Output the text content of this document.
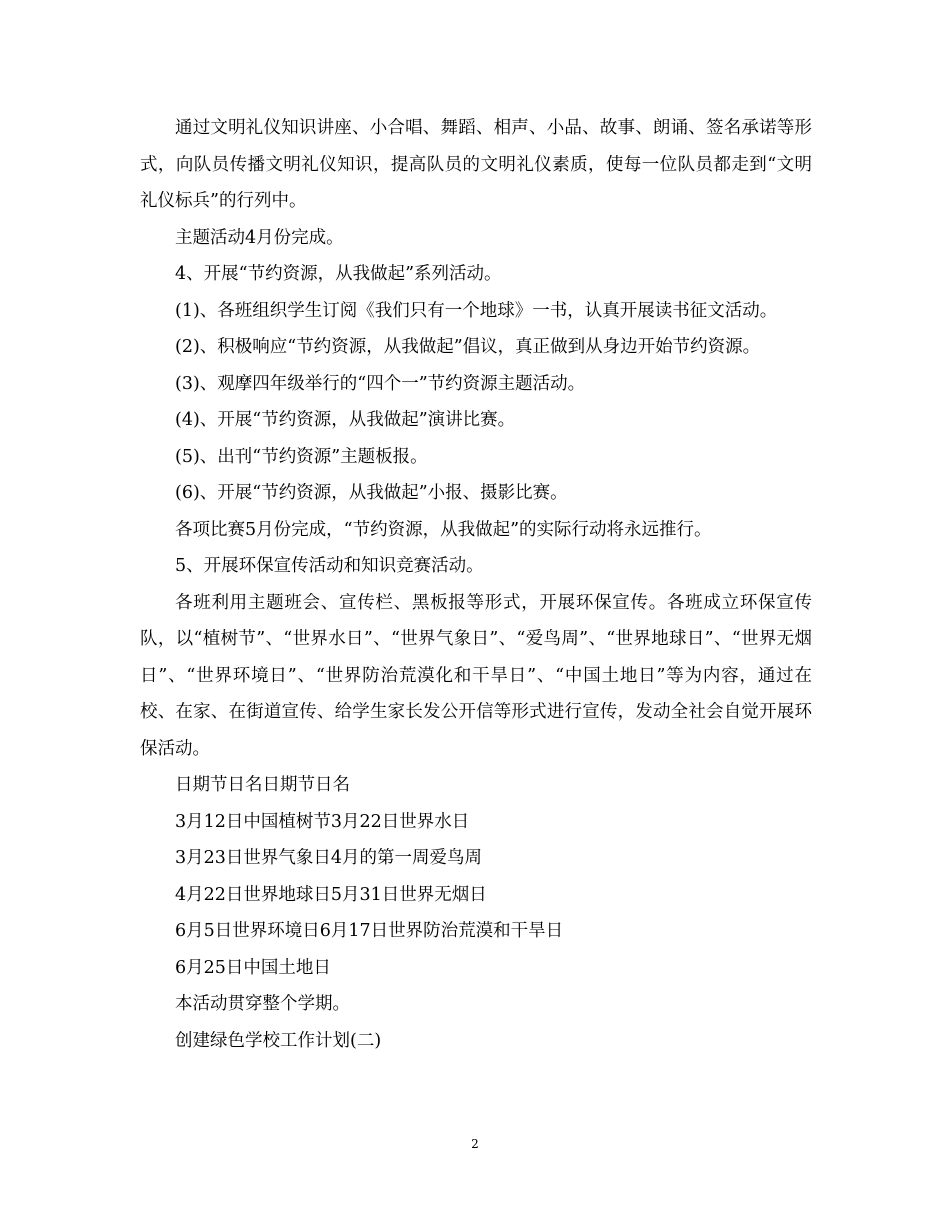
通过文明礼仪知识讲座、小合唱、舞蹈、相声、小品、故事、朗诵、签名承诺等形式，向队员传播文明礼仪知识，提高队员的文明礼仪素质，使每一位队员都走到“文明礼仪标兵”的行列中。

主题活动4月份完成。

4、开展“节约资源，从我做起”系列活动。

(1)、各班组织学生订阅《我们只有一个地球》一书，认真开展读书征文活动。

(2)、积极响应“节约资源，从我做起”倡议，真正做到从身边开始节约资源。

(3)、观摩四年级举行的“四个一”节约资源主题活动。

(4)、开展“节约资源，从我做起”演讲比赛。

(5)、出刊“节约资源”主题板报。

(6)、开展“节约资源，从我做起”小报、摄影比赛。

各项比赛5月份完成，“节约资源，从我做起”的实际行动将永远推行。

5、开展环保宣传活动和知识竞赛活动。

各班利用主题班会、宣传栏、黑板报等形式，开展环保宣传。各班成立环保宣传队，以“植树节”、“世界水日”、“世界气象日”、“爱鸟周”、“世界地球日”、“世界无烟日”、“世界环境日”、“世界防治荒漠化和干旱日”、“中国土地日”等为内容，通过在校、在家、在街道宣传、给学生家长发公开信等形式进行宣传，发动全社会自觉开展环保活动。

日期节日名日期节日名

3月12日中国植树节3月22日世界水日

3月23日世界气象日4月的第一周爱鸟周

4月22日世界地球日5月31日世界无烟日

6月5日世界环境日6月17日世界防治荒漠和干旱日

6月25日中国土地日

本活动贯穿整个学期。

创建绿色学校工作计划(二)

2
